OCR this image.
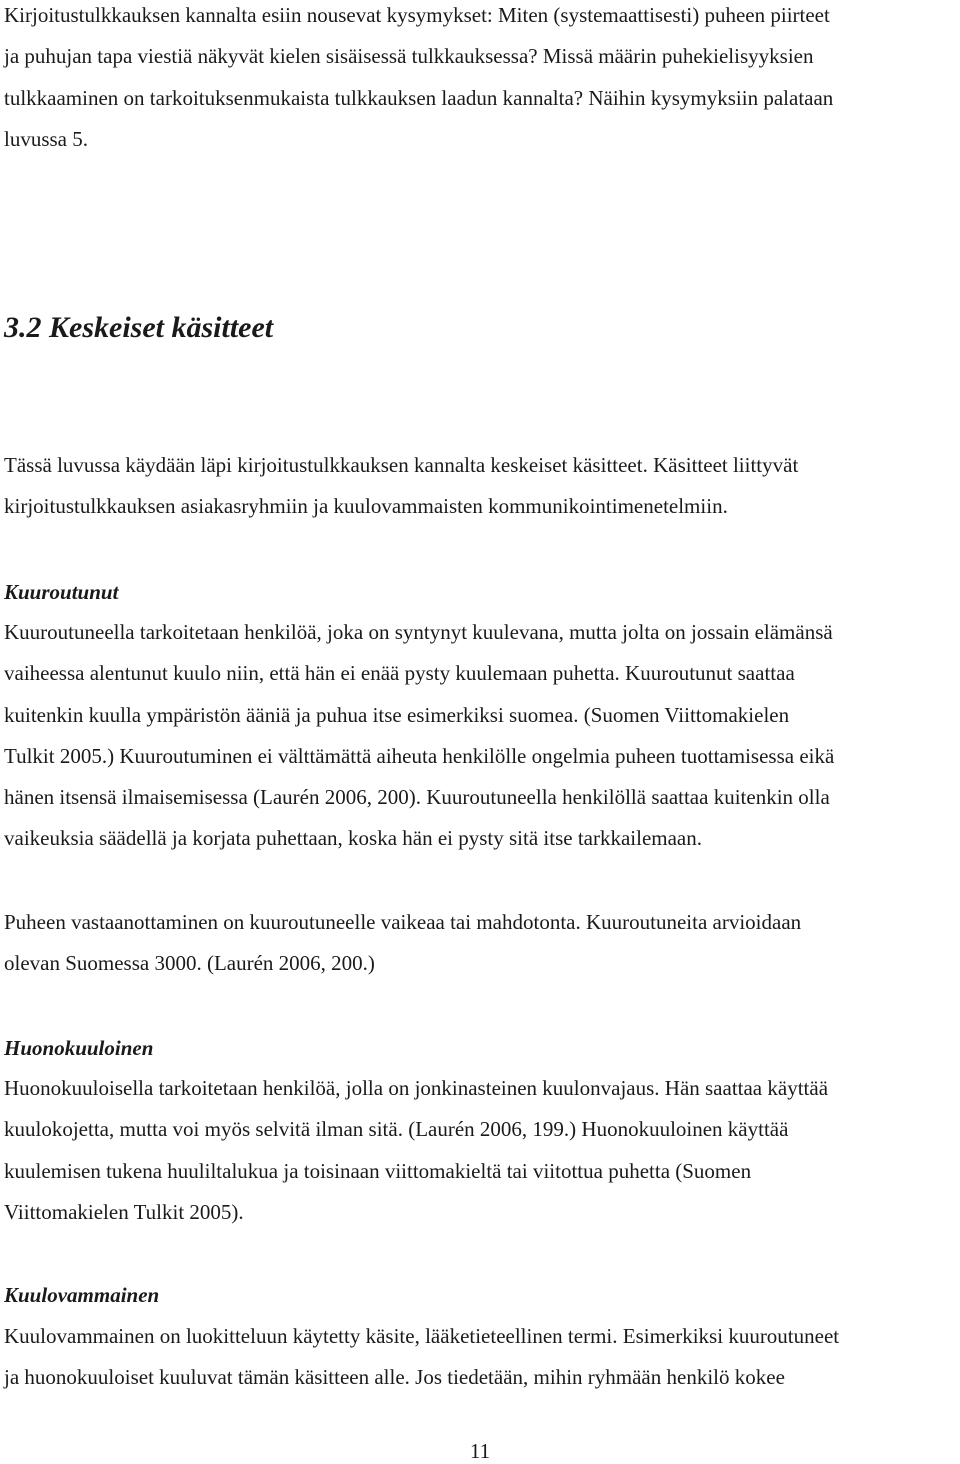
Kirjoitustulkkauksen kannalta esiin nousevat kysymykset: Miten (systemaattisesti) puheen piirteet
ja puhujan tapa viestiä näkyvät kielen sisäisessä tulkkauksessa? Missä määrin puhekielisyyksien
tulkkaaminen on tarkoituksenmukaista tulkkauksen laadun kannalta? Näihin kysymyksiin palataan
luvussa 5.
3.2 Keskeiset käsitteet
Tässä luvussa käydään läpi kirjoitustulkkauksen kannalta keskeiset käsitteet. Käsitteet liittyvät
kirjoitustulkkauksen asiakasryhmiin ja kuulovammaisten kommunikointimenetelmiin.
Kuuroutunut
Kuuroutuneella tarkoitetaan henkilöä, joka on syntynyt kuulevana, mutta jolta on jossain elämänsä
vaiheessa alentunut kuulo niin, että hän ei enää pysty kuulemaan puhetta. Kuuroutunut saattaa
kuitenkin kuulla ympäristön ääniä ja puhua itse esimerkiksi suomea. (Suomen Viittomakielen
Tulkit 2005.) Kuuroutuminen ei välttämättä aiheuta henkilölle ongelmia puheen tuottamisessa eikä
hänen itsensä ilmaisemisessa (Laurén 2006, 200). Kuuroutuneella henkilöllä saattaa kuitenkin olla
vaikeuksia säädellä ja korjata puhettaan, koska hän ei pysty sitä itse tarkkailemaan.
Puheen vastaanottaminen on kuuroutuneelle vaikeaa tai mahdotonta. Kuuroutuneita arvioidaan
olevan Suomessa 3000. (Laurén 2006, 200.)
Huonokuuloinen
Huonokuuloisella tarkoitetaan henkilöä, jolla on jonkinasteinen kuulonvajaus. Hän saattaa käyttää
kuulokojetta, mutta voi myös selvitä ilman sitä. (Laurén 2006, 199.) Huonokuuloinen käyttää
kuulemisen tukena huuliltalukua ja toisinaan viittomakieltä tai viitottua puhetta (Suomen
Viittomakielen Tulkit 2005).
Kuulovammainen
Kuulovammainen on luokitteluun käytetty käsite, lääketieteellinen termi. Esimerkiksi kuuroutuneet
ja huonokuuloiset kuuluvat tämän käsitteen alle. Jos tiedetään, mihin ryhmään henkilö kokee

11
